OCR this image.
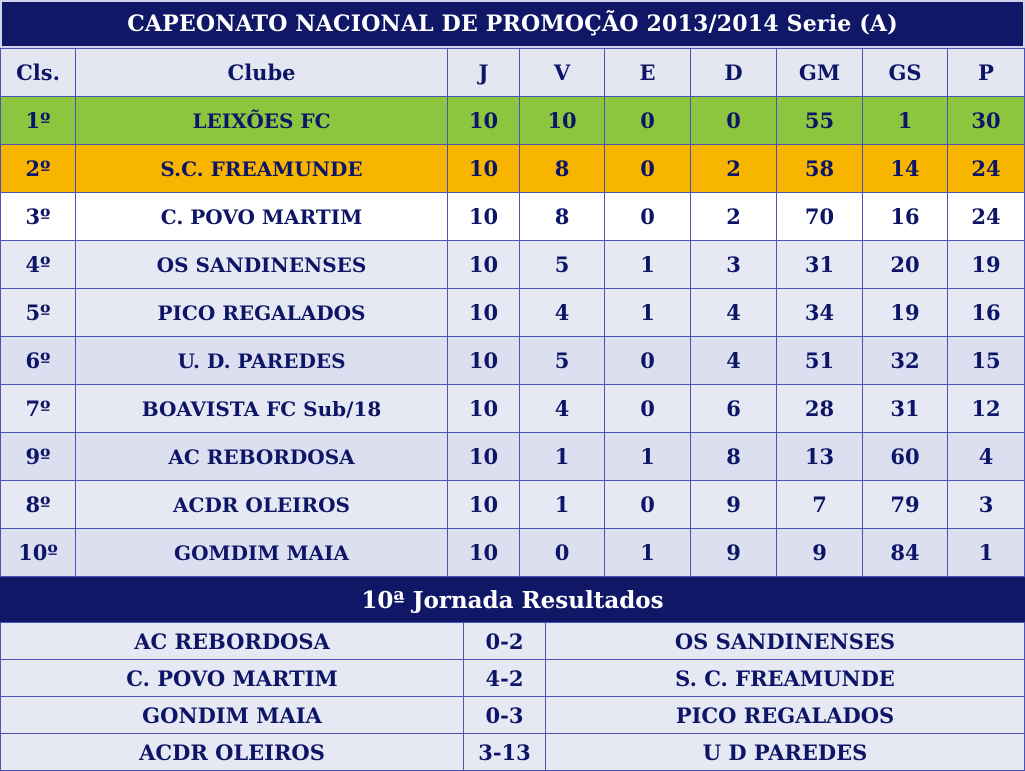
CAPEONATO NACIONAL DE PROMOÇÃO 2013/2014 Serie (A)
Cls.	Clube	J	V	E	D	GM	GS	P
1º	LEIXÕES FC	10	10	0	0	55	1	30
2º	S.C. FREAMUNDE	10	8	0	2	58	14	24
3º	C. POVO MARTIM	10	8	0	2	70	16	24
4º	OS SANDINENSES	10	5	1	3	31	20	19
5º	PICO REGALADOS	10	4	1	4	34	19	16
6º	U. D. PAREDES	10	5	0	4	51	32	15
7º	BOAVISTA FC Sub/18	10	4	0	6	28	31	12
9º	AC REBORDOSA	10	1	1	8	13	60	4
8º	ACDR OLEIROS	10	1	0	9	7	79	3
10º	GOMDIM MAIA	10	0	1	9	9	84	1
10ª Jornada Resultados
AC REBORDOSA	0-2	OS SANDINENSES
C. POVO MARTIM	4-2	S. C. FREAMUNDE
GONDIM MAIA	0-3	PICO REGALADOS
ACDR OLEIROS	3-13	U D PAREDES
